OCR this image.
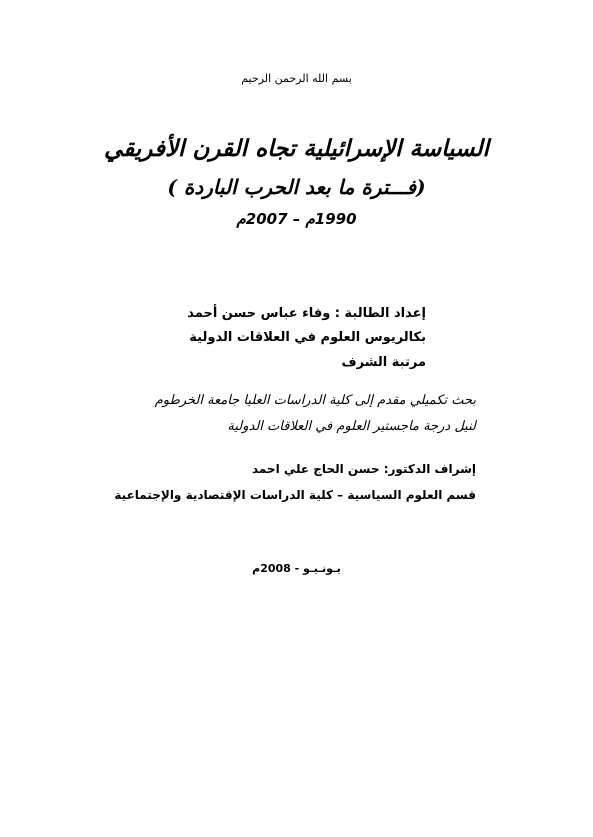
بسم الله الرحمن الرحيم

السياسة الإسرائيلية تجاه القرن الأفريقي
(فـــترة ما بعد الحرب الباردة )

1990م – 2007م

إعداد الطالبة : وفاء عباس حسن أحمد

بكالريوس العلوم في العلاقات الدولية

مرتبة الشرف

بحث تكميلي مقدم إلى كلية الدراسات العليا جامعة الخرطوم

لنيل درجة ماجستير العلوم في العلاقات الدولية

إشراف الدكتور: حسن الحاج علي احمد

قسم العلوم السياسية – كلية الدراسات الإقتصادية والإجتماعية

يـونـيـو - 2008م
